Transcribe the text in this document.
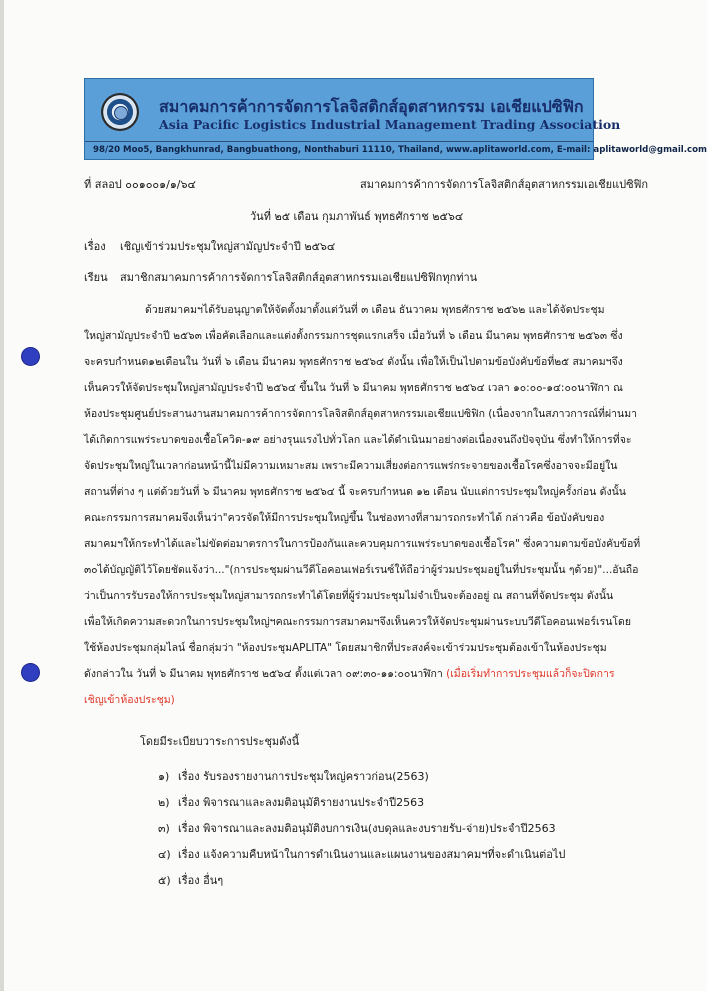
สมาคมการค้าการจัดการโลจิสติกส์อุตสาหกรรม เอเชียแปซิฟิก
Asia Pacific Logistics Industrial Management Trading Association
98/20 Moo5, Bangkhunrad, Bangbuathong, Nonthaburi 11110, Thailand, www.aplitaworld.com, E-mail: aplitaworld@gmail.com
ที่ สลอป ๐๐๑๐๐๑/๑/๖๔	สมาคมการค้าการจัดการโลจิสติกส์อุตสาหกรรมเอเชียแปซิฟิก
วันที่ ๒๕ เดือน กุมภาพันธ์ พุทธศักราช ๒๕๖๔
เรื่อง เชิญเข้าร่วมประชุมใหญ่สามัญประจำปี ๒๕๖๔
เรียน สมาชิกสมาคมการค้าการจัดการโลจิสติกส์อุตสาหกรรมเอเชียแปซิฟิกทุกท่าน
ด้วยสมาคมฯได้รับอนุญาตให้จัดตั้งมาตั้งแต่วันที่ ๓ เดือน ธันวาคม พุทธศักราช ๒๕๖๒ และได้จัดประชุม
ใหญ่สามัญประจำปี ๒๕๖๓ เพื่อคัดเลือกและแต่งตั้งกรรมการชุดแรกเสร็จ เมื่อวันที่ ๖ เดือน มีนาคม พุทธศักราช ๒๕๖๓ ซึ่ง
จะครบกำหนด๑๒เดือนใน วันที่ ๖ เดือน มีนาคม พุทธศักราช ๒๕๖๔ ดังนั้น เพื่อให้เป็นไปตามข้อบังคับข้อที่๒๕ สมาคมฯจึง
เห็นควรให้จัดประชุมใหญ่สามัญประจำปี ๒๕๖๔ ขึ้นใน วันที่ ๖ มีนาคม พุทธศักราช ๒๕๖๔ เวลา ๑๐:๐๐-๑๔:๐๐นาฬิกา ณ
ห้องประชุมศูนย์ประสานงานสมาคมการค้าการจัดการโลจิสติกส์อุตสาหกรรมเอเชียแปซิฟิก (เนื่องจากในสภาวการณ์ที่ผ่านมา
ได้เกิดการแพร่ระบาดของเชื้อโควิด-๑๙ อย่างรุนแรงไปทั่วโลก และได้ดำเนินมาอย่างต่อเนื่องจนถึงปัจจุบัน ซึ่งทำให้การที่จะ
จัดประชุมใหญ่ในเวลาก่อนหน้านี้ไม่มีความเหมาะสม เพราะมีความเสี่ยงต่อการแพร่กระจายของเชื้อโรคซึ่งอาจจะมีอยู่ใน
สถานที่ต่าง ๆ แต่ด้วยวันที่ ๖ มีนาคม พุทธศักราช ๒๕๖๔ นี้ จะครบกำหนด ๑๒ เดือน นับแต่การประชุมใหญ่ครั้งก่อน ดังนั้น
คณะกรรมการสมาคมจึงเห็นว่า"ควรจัดให้มีการประชุมใหญ่ขึ้น ในช่องทางที่สามารถกระทำได้ กล่าวคือ ข้อบังคับของ
สมาคมฯให้กระทำได้และไม่ขัดต่อมาตรการในการป้องกันและควบคุมการแพร่ระบาดของเชื้อโรค" ซึ่งความตามข้อบังคับข้อที่
๓๐ได้บัญญัติไว้โดยชัดแจ้งว่า..."(การประชุมผ่านวีดีโอคอนเฟอร์เรนซ์ให้ถือว่าผู้ร่วมประชุมอยู่ในที่ประชุมนั้น ๆด้วย)"...อันถือ
ว่าเป็นการรับรองให้การประชุมใหญ่สามารถกระทำได้โดยที่ผู้ร่วมประชุมไม่จำเป็นจะต้องอยู่ ณ สถานที่จัดประชุม ดังนั้น
เพื่อให้เกิดความสะดวกในการประชุมใหญ่ฯคณะกรรมการสมาคมฯจึงเห็นควรให้จัดประชุมผ่านระบบวีดีโอคอนเฟอร์เรนโดย
ใช้ห้องประชุมกลุ่มไลน์ ชื่อกลุ่มว่า "ห้องประชุมAPLITA" โดยสมาชิกที่ประสงค์จะเข้าร่วมประชุมต้องเข้าในห้องประชุม
ดังกล่าวใน วันที่ ๖ มีนาคม พุทธศักราช ๒๕๖๔ ตั้งแต่เวลา ๐๙:๓๐-๑๑:๐๐นาฬิกา (เมื่อเริ่มทำการประชุมแล้วก็จะปิดการ
เชิญเข้าห้องประชุม)
โดยมีระเบียบวาระการประชุมดังนี้
๑) เรื่อง รับรองรายงานการประชุมใหญ่คราวก่อน(2563)
๒) เรื่อง พิจารณาและลงมติอนุมัติรายงานประจำปี2563
๓) เรื่อง พิจารณาและลงมติอนุมัติงบการเงิน(งบดุลและงบรายรับ-จ่าย)ประจำปี2563
๔) เรื่อง แจ้งความคืบหน้าในการดำเนินงานและแผนงานของสมาคมฯที่จะดำเนินต่อไป
๕) เรื่อง อื่นๆ
